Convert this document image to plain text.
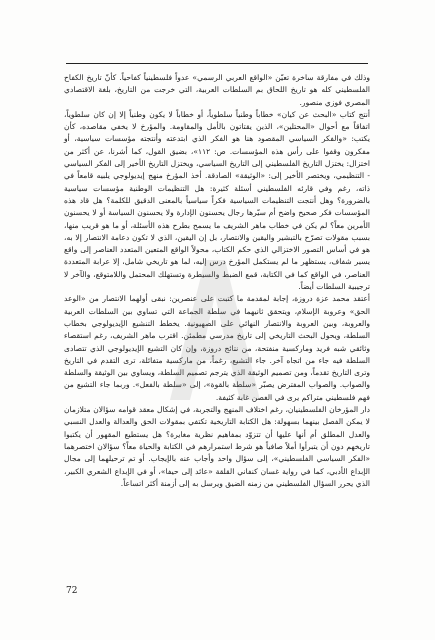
وذلك في مفارقة ساخرة تعيّن «الواقع العربي الرسمي» عدواً فلسطينياً كفاحياً. كأنّ تاريخ الكفاح الفلسطيني كله هو تاريخ اللحاق بم السلطات العربية، التي خرجت من التاريخ، بلغة الاقتصادي المصري فوزي منصور.

أنتج كتاب «البحث عن كيان» خطاباً وطنياً سلطوياً، أو خطاباً لا يكون وطنياً إلا إن كان سلطوياً، اتفاقاً مع أحوال «المحتلين»، الذين يقتاتون بالأمل والمقاومة. والمؤرخ لا يخفي مقاصده، كأن يكتب: «والفكر السياسي المقصود هنا هو الفكر الذي ابتدعته وأنتجته مؤسسات سياسية، أو مفكرون وقفوا على رأس هذه المؤسسات. ص: ١١٢»، بضيق القول، كما أشرنا، عن أكثر من اختزال: يختزل التاريخ الفلسطيني إلى التاريخ السياسي، ويختزل التاريخ الأخير إلى الفكر السياسي - التنظيمي، ويختصر الأخير إلى: «الوثيقة» الصادقة. أخذ المؤرخ منهج إيديولوجي يلبيه قامعاً في ذاته، رغم وفي قارئه الفلسطيني أسئلة كثيرة: هل التنظيمات الوطنية مؤسسات سياسية بالضرورة؟ وهل أنتجت التنظيمات السياسية فكراً سياسياً بالمعنى الدقيق للكلمة؟ هل قاد هذه المؤسسات فكر صحيح واضح أم سيّرها رجال يحسنون الإدارة ولا يحسنون السياسة أو لا يحسنون الأمرين معاً؟ لم يكن في خطاب ماهر الشريف ما يسمح بطرح هذه الأسئلة، أو ما هو قريب منها، بسبب مقولات تصرّح بالتبشير واليقين والانتصار، بل إن اليقين، الذي لا تكون دعامة الانتصار إلا به، هو في أساس التصور الاختزالي الذي حكم الكتاب، محولاً الواقع المتعين المتعدد العناصر إلى واقع يسير شفاف، يستظهر ما لم يستكمل المؤرخ درس إليه، لما هو تاريخي شامل، إلا عرابة المتعددة العناصر، في الواقع كما في الكتابة، قمع الضبط والسيطرة وتستهلك المحتمل واللامتوقع، والآخر لا ترجيبية السلطات أيضاً.

أعتقد محمد عزة دروزة، إجابة لمقدمة ما كتبت على عنصرين: نبقى أولهما الانتصار من «الوعد الحق» وعروبة الإسلام، ويتحقق ثانيهما في سلطة الجماعة التي تساوي بين السلطات العربية والعروبة، وبين العروبة والانتصار النهائي على الصهيونية. يخطط التنشيع الإيديولوجي بخطاب السلطة، ويحول البحث التاريخي إلى تاريخ مدرسي مطمئن. اقترب ماهر الشريف، رغم استقصاء وثائقي شبه فريد وماركسية منفتحة، من نتائج دروزة، وإن كان التشيع الإيديولوجي الذي تتصادى السلطة فيه جاء من اتجاه آخر. جاء التشيع، رغماً، من ماركسية متفائلة، ترى التقدم في التاريخ وترى التاريخ تقدماً، ومن تصميم الوثيقة الذي يترجم تصميم السلطة، ويساوي بين الوثيقة والسلطة والصواب. والصواب المفترض يصبّر «سلطة بالقوة»، إلى «سلطة بالفعل». وربما جاء التشيع من فهم فلسطيني متراكم يرى في الغصن غابة كثيفة.

دار المؤرخان الفلسطينيان، رغم اختلاف المنهج والتجربة، في إشكال معقد قوامه سؤالان متلازمان لا يمكن الفصل بينهما بسهولة: هل الكتابة التاريخية تكتفي بمقولات الحق والعدالة والعدل النسبي والعدل المطلق أم أنها عليها أن تتزوّد بمفاهيم نظرية مغايرة؟ هل يستطيع المقهور أن يكتبوا تاريخهم دون أن يتبرأوا أملاً صافياً هو شرط استمرارهم في الكتابة والحياة معاً؟ سؤالان اختصرهما «الفكر السياسي الفلسطيني»، إلى سؤال واحد وأجاب عنه بالإيجاب. أو تم ترحيلهما إلى مجال الإبداع الأدبي، كما في رواية غسان كنفاني القلقة «عائد إلى حيفا»، أو في الإبداع الشعري الكبير، الذي يحرر السؤال الفلسطيني من زمنه الضيق ويرسل به إلى أزمنة أكثر اتساعاً.

72
